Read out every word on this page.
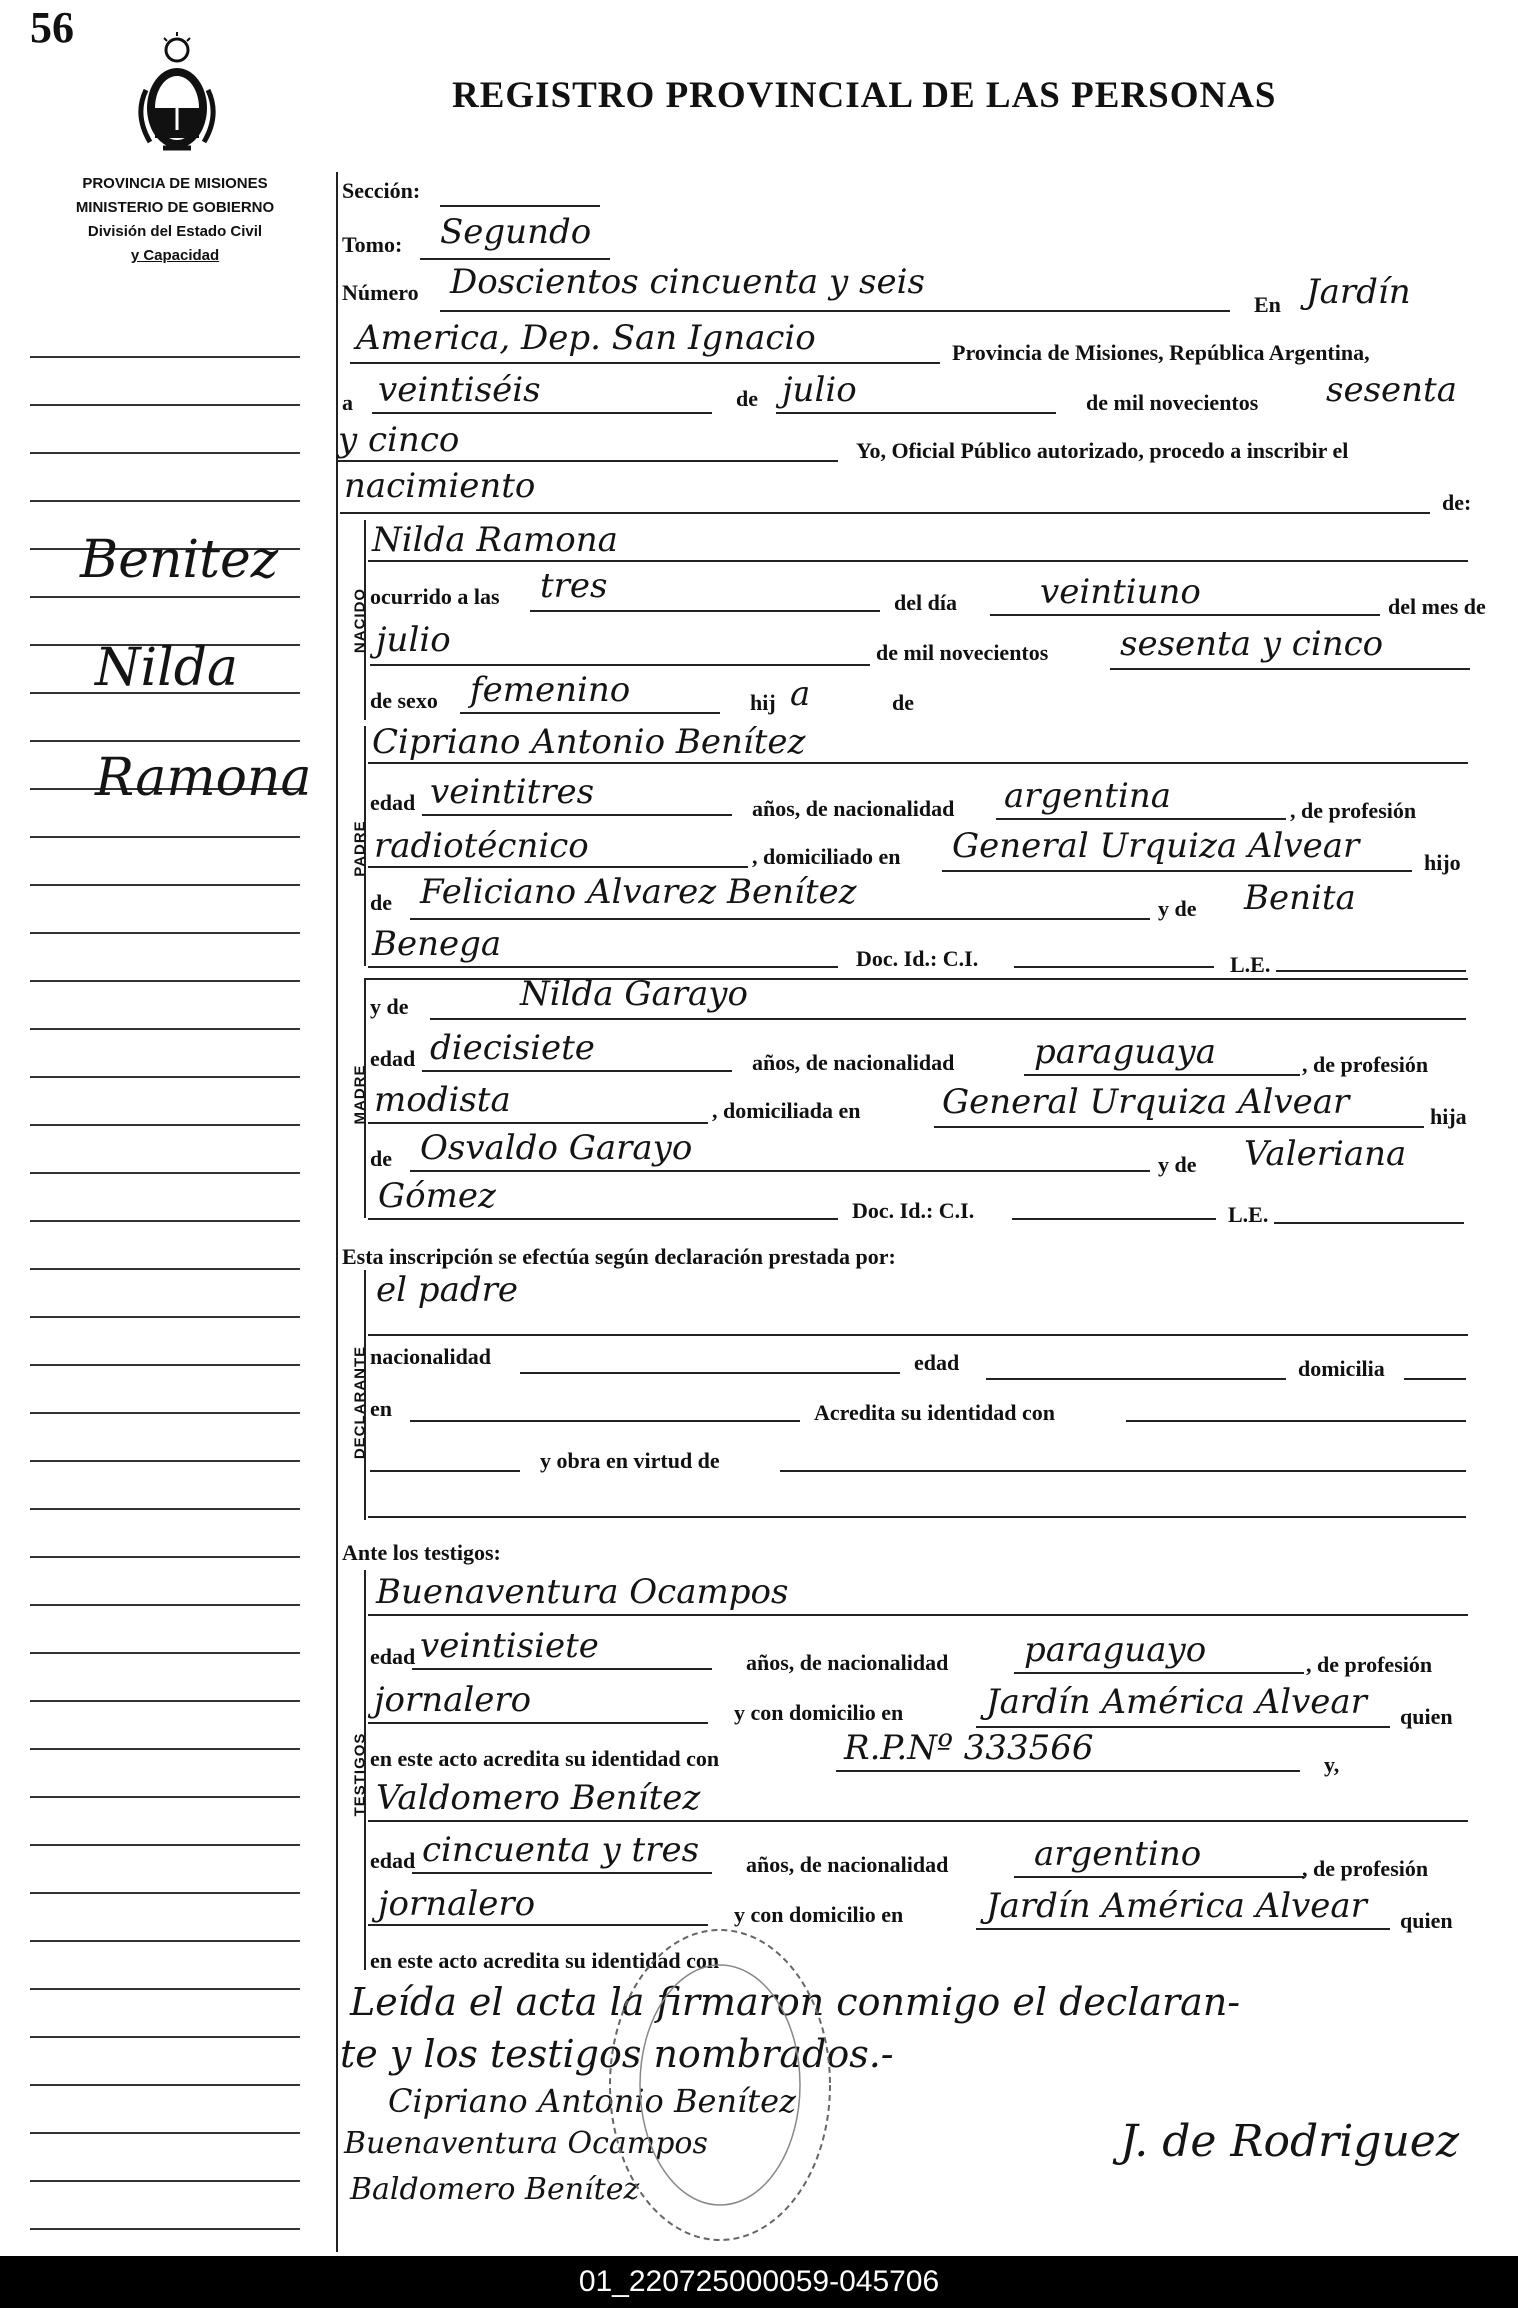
56
REGISTRO PROVINCIAL DE LAS PERSONAS
PROVINCIA DE MISIONES
MINISTERIO DE GOBIERNO
División del Estado Civil
y Capacidad
Benitez
Nilda
Ramona
Sección:
Tomo: Segundo
Número Doscientos cincuenta y seis
En Jardín
America, Dep. San Ignacio	Provincia de Misiones, República Argentina,
a veintiséis	de julio	de mil novecientos sesenta
y cinco	Yo, Oficial Público autorizado, procedo a inscribir el
nacimiento	de:
NACIDO
Nilda Ramona
ocurrido a las tres	del día veintiuno	del mes de
julio	de mil novecientos sesenta y cinco
de sexo femenino	hij a	de
PADRE
Cipriano Antonio Benítez
edad veintitres	años, de nacionalidad argentina	, de profesión
radiotécnico	, domiciliado en General Urquiza Alvear	hijo
de Feliciano Alvarez Benítez	y de Benita
Benega	Doc. Id.: C.I.	L.E.
MADRE
y de	Nilda Garayo
edad diecisiete	años, de nacionalidad paraguaya	, de profesión
modista	, domiciliada en General Urquiza Alvear	hija
de Osvaldo Garayo	y de Valeriana
Gómez	Doc. Id.: C.I.	L.E.
Esta inscripción se efectúa según declaración prestada por:
DECLARANTE
el padre
nacionalidad	edad	domicilia
en	Acredita su identidad con
y obra en virtud de
Ante los testigos:
TESTIGOS
Buenaventura Ocampos
edad veintisiete	años, de nacionalidad paraguayo	, de profesión
jornalero	y con domicilio en Jardín América Alvear quien
en este acto acredita su identidad con	R.P.Nº 333566	y,
Valdomero Benítez
edad cincuenta y tres años, de nacionalidad	argentino	, de profesión
jornalero	y con domicilio en Jardín América Alvear quien
en este acto acredita su identidad con
Leída el acta la firmaron conmigo el declaran-
te y los testigos nombrados.-
Cipriano Antonio Benítez
Buenaventura Ocampos
Baldomero Benítez
J. de Rodriguez
01_220725000059-045706
